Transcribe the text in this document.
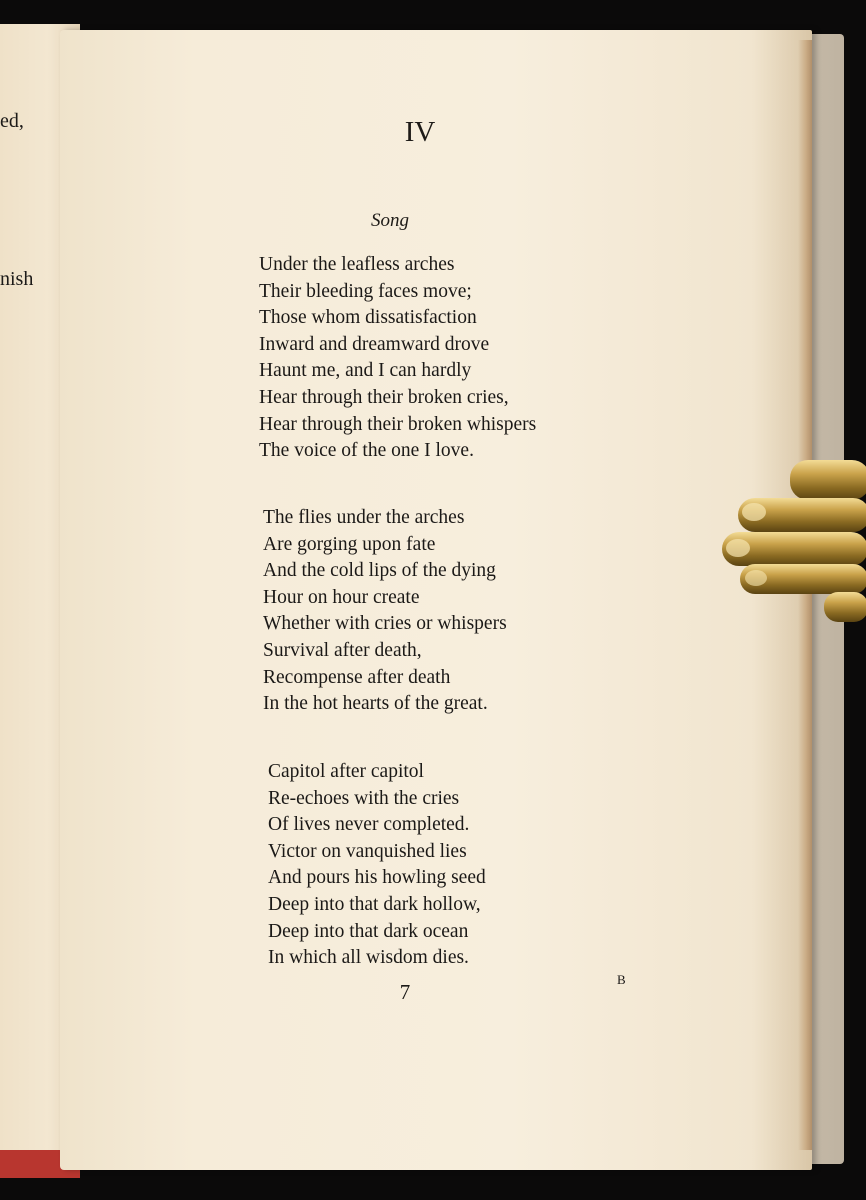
ed,
nish
IV
Song
Under the leafless arches
Their bleeding faces move;
Those whom dissatisfaction
Inward and dreamward drove
Haunt me, and I can hardly
Hear through their broken cries,
Hear through their broken whispers
The voice of the one I love.
The flies under the arches
Are gorging upon fate
And the cold lips of the dying
Hour on hour create
Whether with cries or whispers
Survival after death,
Recompense after death
In the hot hearts of the great.
Capitol after capitol
Re-echoes with the cries
Of lives never completed.
Victor on vanquished lies
And pours his howling seed
Deep into that dark hollow,
Deep into that dark ocean
In which all wisdom dies.
7
B
